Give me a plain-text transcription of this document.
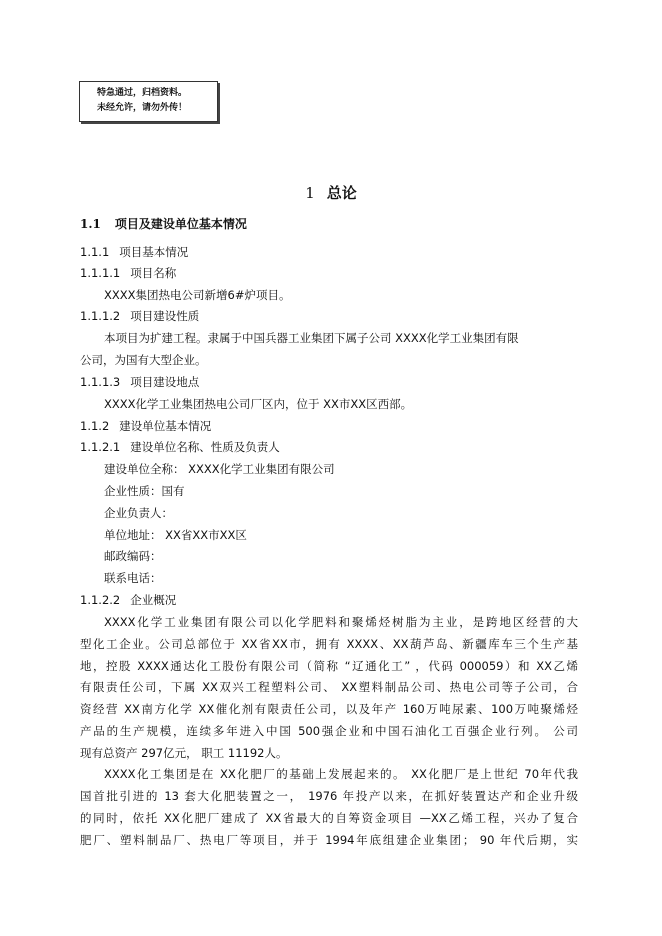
特急通过，归档资料。
未经允许，请勿外传！
1 总论
1.1 项目及建设单位基本情况
1.1.1 项目基本情况
1.1.1.1 项目名称
XXXX集团热电公司新增6#炉项目。
1.1.1.2 项目建设性质
本项目为扩建工程。隶属于中国兵器工业集团下属子公司 XXXX化学工业集团有限
公司，为国有大型企业。
1.1.1.3 项目建设地点
XXXX化学工业集团热电公司厂区内，位于 XX市XX区西部。
1.1.2 建设单位基本情况
1.1.2.1 建设单位名称、性质及负责人
建设单位全称： XXXX化学工业集团有限公司
企业性质：国有
企业负责人：
单位地址： XX省XX市XX区
邮政编码：
联系电话：
1.1.2.2 企业概况
XXXX化学工业集团有限公司以化学肥料和聚烯烃树脂为主业，是跨地区经营的大
型化工企业。公司总部位于 XX省XX市，拥有 XXXX、XX葫芦岛、新疆库车三个生产基
地，控股 XXXX通达化工股份有限公司（简称 “辽通化工” ，代码 000059）和 XX乙烯
有限责任公司，下属 XX双兴工程塑料公司、 XX塑料制品公司、热电公司等子公司，合
资经营 XX南方化学 XX催化剂有限责任公司，以及年产 160万吨尿素、100万吨聚烯烃
产品的生产规模，连续多年进入中国 500强企业和中国石油化工百强企业行列。 公司
现有总资产 297亿元， 职工 11192人。
XXXX化工集团是在 XX化肥厂的基础上发展起来的。 XX化肥厂是上世纪 70年代我
国首批引进的 13 套大化肥装置之一， 1976 年投产以来，在抓好装置达产和企业升级
的同时，依托 XX化肥厂建成了 XX省最大的自筹资金项目 —XX乙烯工程，兴办了复合
肥厂、塑料制品厂、热电厂等项目，并于 1994年底组建企业集团； 90 年代后期，实
